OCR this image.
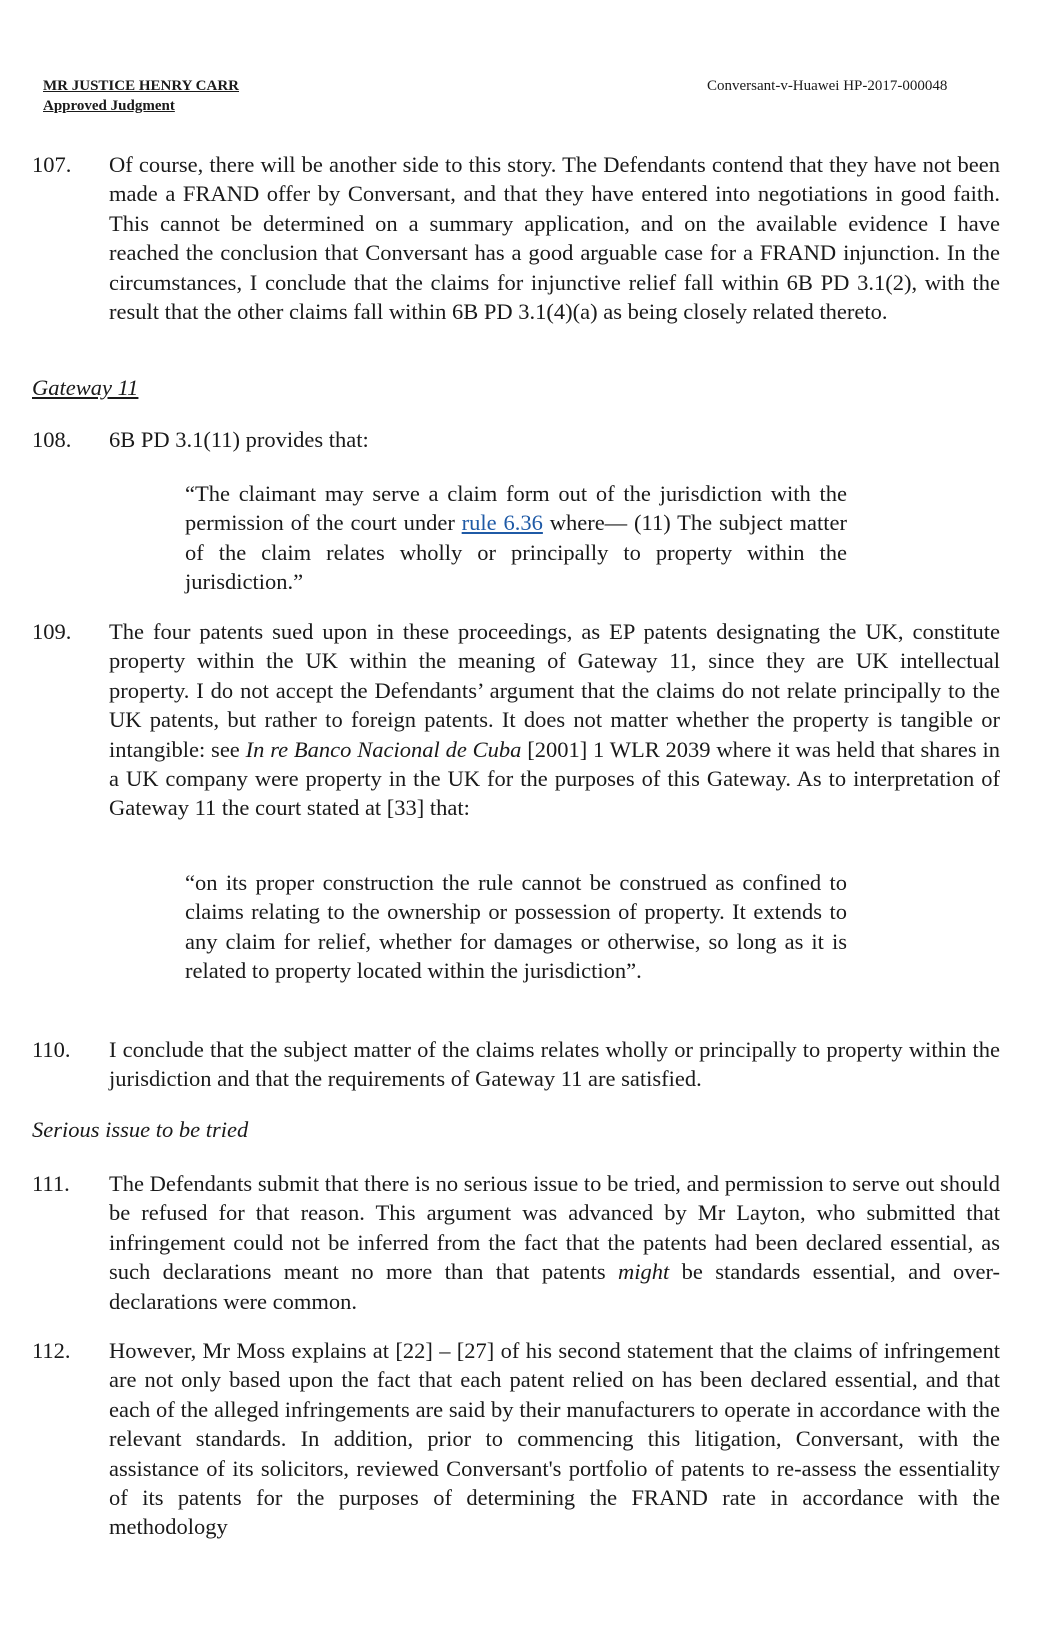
MR JUSTICE HENRY CARR
Approved Judgment
Conversant-v-Huawei HP-2017-000048
107. Of course, there will be another side to this story. The Defendants contend that they have not been made a FRAND offer by Conversant, and that they have entered into negotiations in good faith. This cannot be determined on a summary application, and on the available evidence I have reached the conclusion that Conversant has a good arguable case for a FRAND injunction. In the circumstances, I conclude that the claims for injunctive relief fall within 6B PD 3.1(2), with the result that the other claims fall within 6B PD 3.1(4)(a) as being closely related thereto.
Gateway 11
108. 6B PD 3.1(11) provides that:
“The claimant may serve a claim form out of the jurisdiction with the permission of the court under rule 6.36 where— (11) The subject matter of the claim relates wholly or principally to property within the jurisdiction.”
109. The four patents sued upon in these proceedings, as EP patents designating the UK, constitute property within the UK within the meaning of Gateway 11, since they are UK intellectual property. I do not accept the Defendants’ argument that the claims do not relate principally to the UK patents, but rather to foreign patents. It does not matter whether the property is tangible or intangible: see In re Banco Nacional de Cuba [2001] 1 WLR 2039 where it was held that shares in a UK company were property in the UK for the purposes of this Gateway. As to interpretation of Gateway 11 the court stated at [33] that:
“on its proper construction the rule cannot be construed as confined to claims relating to the ownership or possession of property. It extends to any claim for relief, whether for damages or otherwise, so long as it is related to property located within the jurisdiction”.
110. I conclude that the subject matter of the claims relates wholly or principally to property within the jurisdiction and that the requirements of Gateway 11 are satisfied.
Serious issue to be tried
111. The Defendants submit that there is no serious issue to be tried, and permission to serve out should be refused for that reason. This argument was advanced by Mr Layton, who submitted that infringement could not be inferred from the fact that the patents had been declared essential, as such declarations meant no more than that patents might be standards essential, and over-declarations were common.
112. However, Mr Moss explains at [22] – [27] of his second statement that the claims of infringement are not only based upon the fact that each patent relied on has been declared essential, and that each of the alleged infringements are said by their manufacturers to operate in accordance with the relevant standards. In addition, prior to commencing this litigation, Conversant, with the assistance of its solicitors, reviewed Conversant's portfolio of patents to re-assess the essentiality of its patents for the purposes of determining the FRAND rate in accordance with the methodology
